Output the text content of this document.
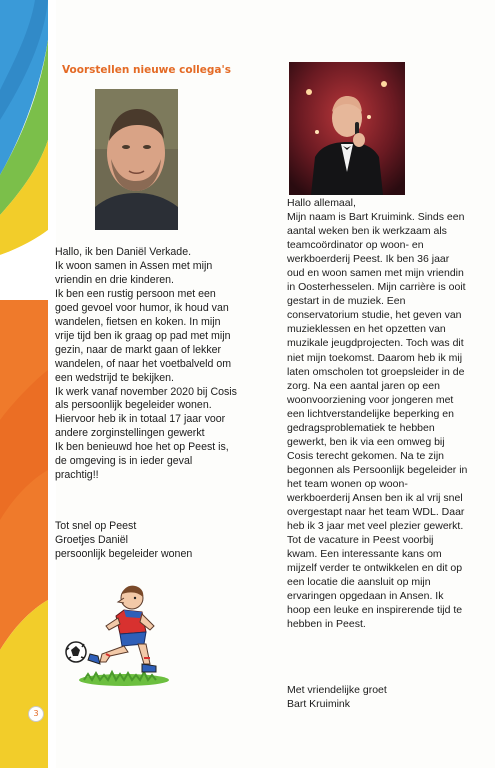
Voorstellen nieuwe collega's
Hallo, ik ben Daniël Verkade.
Ik woon samen in Assen met mijn
vriendin en drie kinderen.
Ik ben een rustig persoon met een
goed gevoel voor humor, ik houd van
wandelen, fietsen en koken. In mijn
vrije tijd ben ik graag op pad met mijn
gezin, naar de markt gaan of lekker
wandelen, of naar het voetbalveld om
een wedstrijd te bekijken.
Ik werk vanaf november 2020 bij Cosis
als persoonlijk begeleider wonen.
Hiervoor heb ik in totaal 17 jaar voor
andere zorginstellingen gewerkt
Ik ben benieuwd hoe het op Peest is,
de omgeving is in ieder geval
prachtig!!
Tot snel op Peest
Groetjes Daniël
persoonlijk begeleider wonen
Hallo allemaal,
Mijn naam is Bart Kruimink. Sinds een
aantal weken ben ik werkzaam als
teamcoördinator op woon- en
werkboerderij Peest. Ik ben 36 jaar
oud en woon samen met mijn vriendin
in Oosterhesselen. Mijn carrière is ooit
gestart in de muziek. Een
conservatorium studie, het geven van
muzieklessen en het opzetten van
muzikale jeugdprojecten. Toch was dit
niet mijn toekomst. Daarom heb ik mij
laten omscholen tot groepsleider in de
zorg. Na een aantal jaren op een
woonvoorziening voor jongeren met
een lichtverstandelijke beperking en
gedragsproblematiek te hebben
gewerkt, ben ik via een omweg bij
Cosis terecht gekomen. Na te zijn
begonnen als Persoonlijk begeleider in
het team wonen op woon-
werkboerderij Ansen ben ik al vrij snel
overgestapt naar het team WDL. Daar
heb ik 3 jaar met veel plezier gewerkt.
Tot de vacature in Peest voorbij
kwam. Een interessante kans om
mijzelf verder te ontwikkelen en dit op
een locatie die aansluit op mijn
ervaringen opgedaan in Ansen. Ik
hoop een leuke en inspirerende tijd te
hebben in Peest.
Met vriendelijke groet
Bart Kruimink
3
